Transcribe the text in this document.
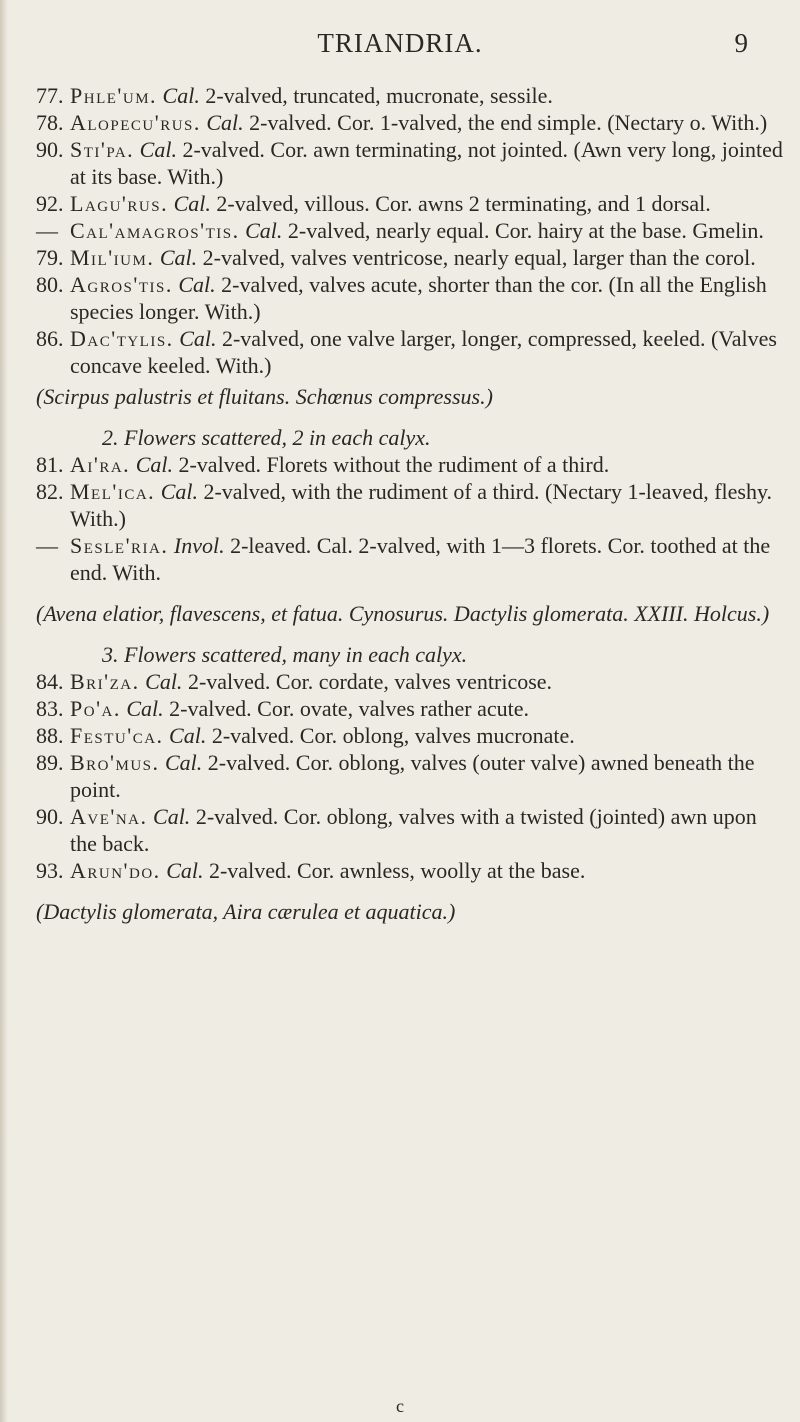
TRIANDRIA.	9

77. Phle'um. Cal. 2-valved, truncated, mucronate, sessile.

78. Alopecu'rus. Cal. 2-valved. Cor. 1-valved, the end simple. (Nectary o. With.)

90. Sti'pa. Cal. 2-valved. Cor. awn terminating, not jointed. (Awn very long, jointed at its base. With.)

92. Lagu'rus. Cal. 2-valved, villous. Cor. awns 2 terminating, and 1 dorsal.

— Cal'amagros'tis. Cal. 2-valved, nearly equal. Cor. hairy at the base. Gmelin.

79. Mil'ium. Cal. 2-valved, valves ventricose, nearly equal, larger than the corol.

80. Agros'tis. Cal. 2-valved, valves acute, shorter than the cor. (In all the English species longer. With.)

86. Dac'tylis. Cal. 2-valved, one valve larger, longer, compressed, keeled. (Valves concave keeled. With.)

(Scirpus palustris et fluitans. Schœnus compressus.)

2. Flowers scattered, 2 in each calyx.

81. Ai'ra. Cal. 2-valved. Florets without the rudiment of a third.

82. Mel'ica. Cal. 2-valved, with the rudiment of a third. (Nectary 1-leaved, fleshy. With.)

— Sesle'ria. Invol. 2-leaved. Cal. 2-valved, with 1—3 florets. Cor. toothed at the end. With.

(Avena elatior, flavescens, et fatua. Cynosurus. Dactylis glomerata. XXIII. Holcus.)

3. Flowers scattered, many in each calyx.

84. Bri'za. Cal. 2-valved. Cor. cordate, valves ventricose.

83. Po'a. Cal. 2-valved. Cor. ovate, valves rather acute.

88. Festu'ca. Cal. 2-valved. Cor. oblong, valves mucronate.

89. Bro'mus. Cal. 2-valved. Cor. oblong, valves (outer valve) awned beneath the point.

90. Ave'na. Cal. 2-valved. Cor. oblong, valves with a twisted (jointed) awn upon the back.

93. Arun'do. Cal. 2-valved. Cor. awnless, woolly at the base.

(Dactylis glomerata, Aira cærulea et aquatica.)

c
